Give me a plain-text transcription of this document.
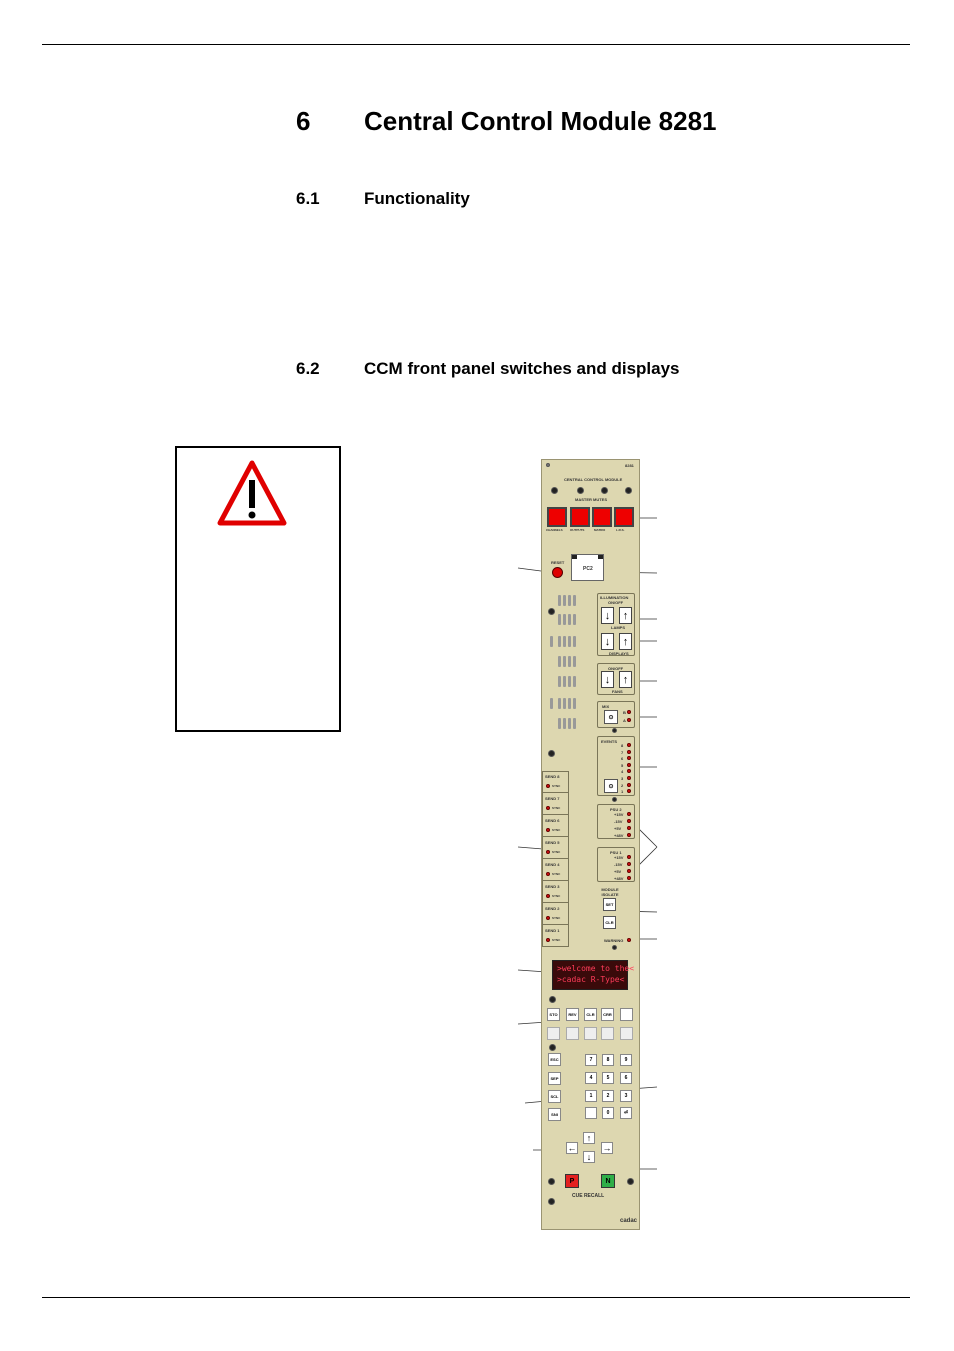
6 Central Control Module 8281
6.1	Functionality
6.2	CCM front panel switches and displays
8281
CENTRAL CONTROL MODULE
MASTER MUTES
CHANNELS OUTPUTS	MATRIX	L.R.S.
RESET
PC2
ILLUMINATION
ON/OFF
↓	↑
LAMPS
↓	↑
DISPLAYS
ON/OFF
↓	↑
FANS
MIX
⊙
B
A
EVENTS
⊙
PSU 2
PSU 1
MODULE ISOLATE
SET
CLR
WARNING
SEND 8
SYNC
SEND 7
SYNC
SEND 6
SYNC
SEND 5
SYNC
SEND 4
SYNC
SEND 3
SYNC
SEND 2
SYNC
SEND 1
SYNC
>welcome to the<
>cadac R-Type<
STO	REV	CLR	CRR
ESC
SEP
SCL
SNI
7	8	9
4	5	6
1	2	3
0	⏎
↑
←	→
↓
P	N
CUE RECALL
cadac
8
7
6
5
4
3
2
1
+15V
-15V
+5V
+48V
+15V
-15V
+5V
+48V
